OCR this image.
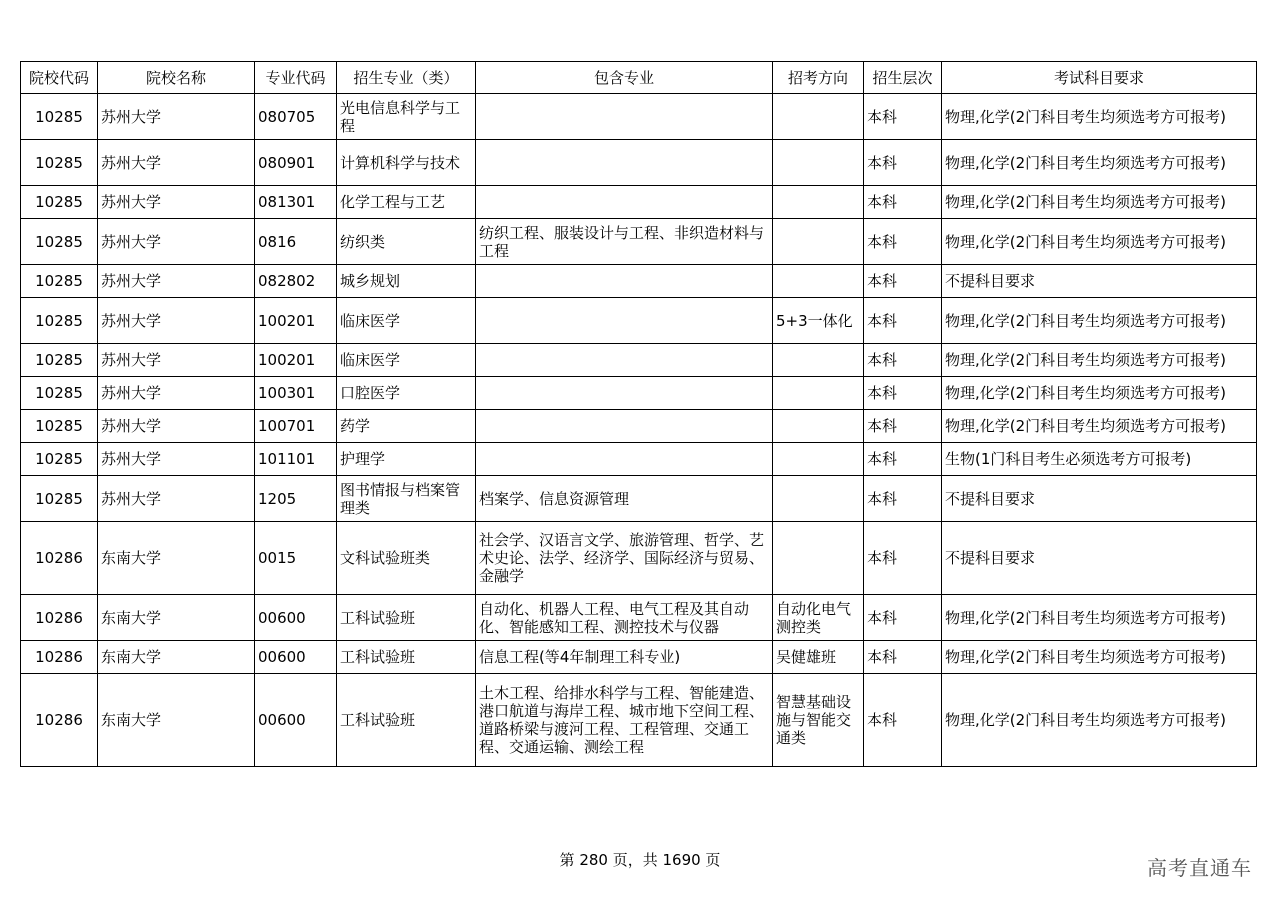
院校代码	院校名称	专业代码	招生专业（类）	包含专业	招考方向	招生层次	考试科目要求
10285	苏州大学	080705	光电信息科学与工程			本科	物理,化学(2门科目考生均须选考方可报考)
10285	苏州大学	080901	计算机科学与技术			本科	物理,化学(2门科目考生均须选考方可报考)
10285	苏州大学	081301	化学工程与工艺			本科	物理,化学(2门科目考生均须选考方可报考)
10285	苏州大学	0816	纺织类	纺织工程、服装设计与工程、非织造材料与工程		本科	物理,化学(2门科目考生均须选考方可报考)
10285	苏州大学	082802	城乡规划			本科	不提科目要求
10285	苏州大学	100201	临床医学		5+3一体化	本科	物理,化学(2门科目考生均须选考方可报考)
10285	苏州大学	100201	临床医学			本科	物理,化学(2门科目考生均须选考方可报考)
10285	苏州大学	100301	口腔医学			本科	物理,化学(2门科目考生均须选考方可报考)
10285	苏州大学	100701	药学			本科	物理,化学(2门科目考生均须选考方可报考)
10285	苏州大学	101101	护理学			本科	生物(1门科目考生必须选考方可报考)
10285	苏州大学	1205	图书情报与档案管理类	档案学、信息资源管理		本科	不提科目要求
10286	东南大学	0015	文科试验班类	社会学、汉语言文学、旅游管理、哲学、艺术史论、法学、经济学、国际经济与贸易、金融学		本科	不提科目要求
10286	东南大学	00600	工科试验班	自动化、机器人工程、电气工程及其自动化、智能感知工程、测控技术与仪器	自动化电气测控类	本科	物理,化学(2门科目考生均须选考方可报考)
10286	东南大学	00600	工科试验班	信息工程(等4年制理工科专业)	吴健雄班	本科	物理,化学(2门科目考生均须选考方可报考)
10286	东南大学	00600	工科试验班	土木工程、给排水科学与工程、智能建造、港口航道与海岸工程、城市地下空间工程、道路桥梁与渡河工程、工程管理、交通工程、交通运输、测绘工程	智慧基础设施与智能交通类	本科	物理,化学(2门科目考生均须选考方可报考)
第 280 页，共 1690 页	高考直通车
